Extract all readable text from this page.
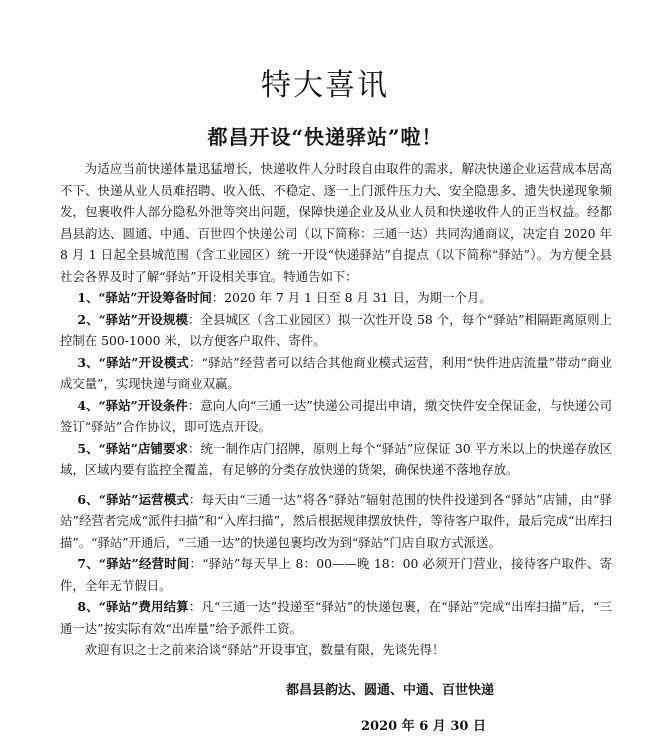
特大喜讯
都昌开设“快递驿站”啦！

为适应当前快递体量迅猛增长，快递收件人分时段自由取件的需求，解决快递企业运营成本居高不下、快递从业人员难招聘、收入低、不稳定、逐一上门派件压力大、安全隐患多、遗失快递现象频发，包裹收件人部分隐私外泄等突出问题，保障快递企业及从业人员和快递收件人的正当权益。经都昌县韵达、圆通、中通、百世四个快递公司（以下简称：三通一达）共同沟通商议，决定自 2020 年 8 月 1 日起全县城范围（含工业园区）统一开设“快递驿站”自提点（以下简称“驿站”）。为方便全县社会各界及时了解“驿站”开设相关事宜。特通告如下：

1、“驿站”开设筹备时间：2020 年 7 月 1 日至 8 月 31 日，为期一个月。

2、“驿站”开设规模：全县城区（含工业园区）拟一次性开设 58 个，每个“驿站”相隔距离原则上控制在 500-1000 米，以方便客户取件、寄件。

3、“驿站”开设模式：“驿站”经营者可以结合其他商业模式运营，利用“快件进店流量”带动“商业成交量”，实现快递与商业双赢。

4、“驿站”开设条件：意向人向“三通一达”快递公司提出申请，缴交快件安全保证金，与快递公司签订“驿站”合作协议，即可选点开设。

5、“驿站”店铺要求：统一制作店门招牌，原则上每个“驿站”应保证 30 平方米以上的快递存放区域，区域内要有监控全覆盖，有足够的分类存放快递的货架，确保快递不落地存放。

6、“驿站”运营模式：每天由“三通一达”将各“驿站”辐射范围的快件投递到各“驿站”店铺，由“驿站”经营者完成“派件扫描”和“入库扫描”，然后根据规律摆放快件，等待客户取件，最后完成“出库扫描”。“驿站”开通后，“三通一达”的快递包裹均改为到“驿站”门店自取方式派送。

7、“驿站”经营时间：“驿站”每天早上 8：00——晚 18：00 必须开门营业，接待客户取件、寄件，全年无节假日。

8、“驿站”费用结算：凡“三通一达”投递至“驿站”的快递包裹，在“驿站”完成“出库扫描”后，“三通一达”按实际有效“出库量”给予派件工资。

欢迎有识之士之前来洽谈“驿站”开设事宜，数量有限，先谈先得！

都昌县韵达、圆通、中通、百世快递
2020 年 6 月 30 日
